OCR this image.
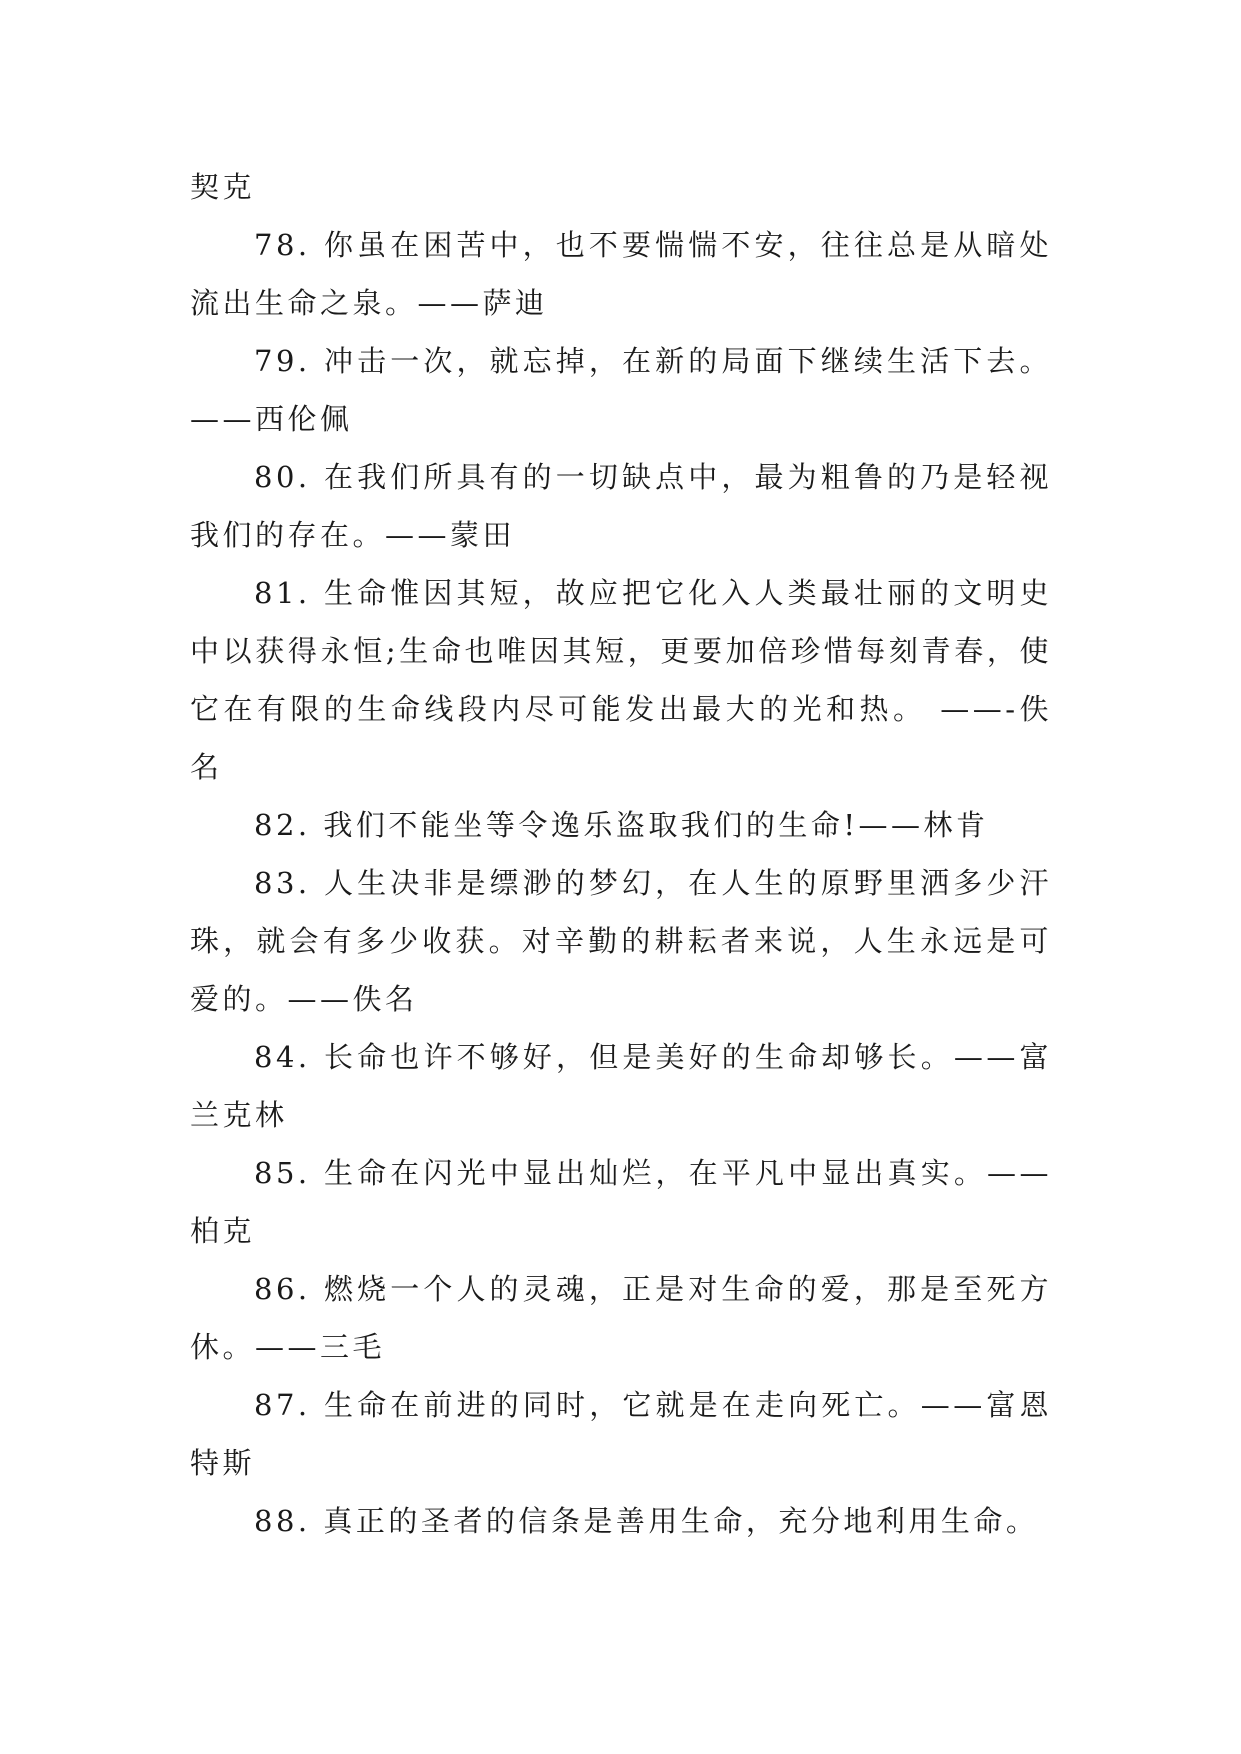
契克

78. 你虽在困苦中，也不要惴惴不安，往往总是从暗处流出生命之泉。——萨迪

79. 冲击一次，就忘掉，在新的局面下继续生活下去。——西伦佩

80. 在我们所具有的一切缺点中，最为粗鲁的乃是轻视我们的存在。——蒙田

81. 生命惟因其短，故应把它化入人类最壮丽的文明史中以获得永恒;生命也唯因其短，更要加倍珍惜每刻青春，使它在有限的生命线段内尽可能发出最大的光和热。 ——-佚名

82. 我们不能坐等令逸乐盗取我们的生命!——林肯

83. 人生决非是缥渺的梦幻，在人生的原野里洒多少汗珠，就会有多少收获。对辛勤的耕耘者来说，人生永远是可爱的。——佚名

84. 长命也许不够好，但是美好的生命却够长。——富兰克林

85. 生命在闪光中显出灿烂，在平凡中显出真实。——柏克

86. 燃烧一个人的灵魂，正是对生命的爱，那是至死方休。——三毛

87. 生命在前进的同时，它就是在走向死亡。——富恩特斯

88. 真正的圣者的信条是善用生命，充分地利用生命。
